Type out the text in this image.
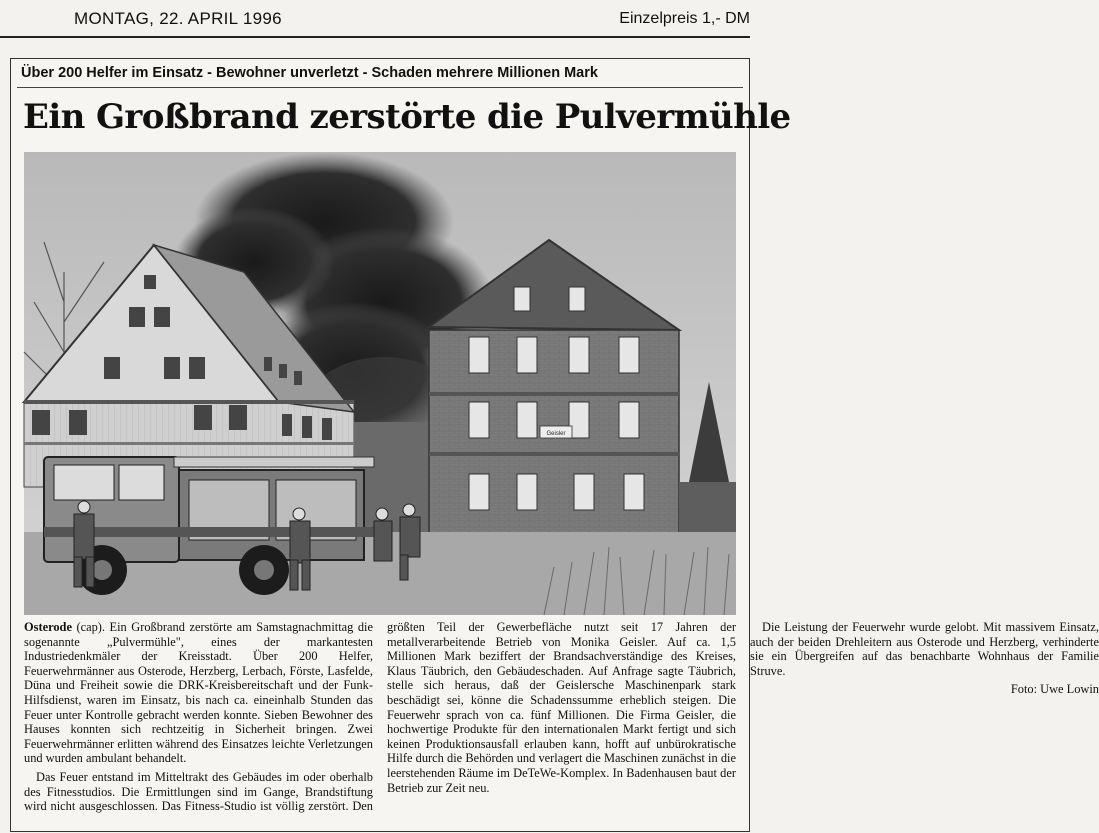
MONTAG, 22. APRIL 1996	Einzelpreis 1,- DM
Über 200 Helfer im Einsatz - Bewohner unverletzt - Schaden mehrere Millionen Mark
Ein Großbrand zerstörte die Pulvermühle
Geisler

Osterode (cap). Ein Großbrand zerstörte am Samstagnachmittag die sogenannte „Pulvermühle", eines der markantesten Industriedenkmäler der Kreisstadt. Über 200 Helfer, Feuerwehrmänner aus Osterode, Herzberg, Lerbach, Förste, Lasfelde, Düna und Freiheit sowie die DRK-Kreisbereitschaft und der Funk-Hilfsdienst, waren im Einsatz, bis nach ca. eineinhalb Stunden das Feuer unter Kontrolle gebracht werden konnte. Sieben Bewohner des Hauses konnten sich rechtzeitig in Sicherheit bringen. Zwei Feuerwehrmänner erlitten während des Einsatzes leichte Verletzungen und wurden ambulant behandelt.

Das Feuer entstand im Mitteltrakt des Gebäudes im oder oberhalb des Fitnesstudios. Die Ermittlungen sind im Gange, Brandstiftung wird nicht ausgeschlossen. Das Fitness-Studio ist völlig zerstört. Den größten Teil der Gewerbefläche nutzt seit 17 Jahren der metallverarbeitende Betrieb von Monika Geisler. Auf ca. 1,5 Millionen Mark beziffert der Brandsachverständige des Kreises, Klaus Täubrich, den Gebäudeschaden. Auf Anfrage sagte Täubrich, stelle sich heraus, daß der Geislersche Maschinenpark stark beschädigt sei, könne die Schadenssumme erheblich steigen. Die Feuerwehr sprach von ca. fünf Millionen. Die Firma Geisler, die hochwertige Produkte für den internationalen Markt fertigt und sich keinen Produktionsausfall erlauben kann, hofft auf unbürokratische Hilfe durch die Behörden und verlagert die Maschinen zunächst in die leerstehenden Räume im DeTeWe-Komplex. In Badenhausen baut der Betrieb zur Zeit neu.

Die Leistung der Feuerwehr wurde gelobt. Mit massivem Einsatz, auch der beiden Drehleitern aus Osterode und Herzberg, verhinderte sie ein Übergreifen auf das benachbarte Wohnhaus der Familie Struve.

Foto: Uwe Lowin
